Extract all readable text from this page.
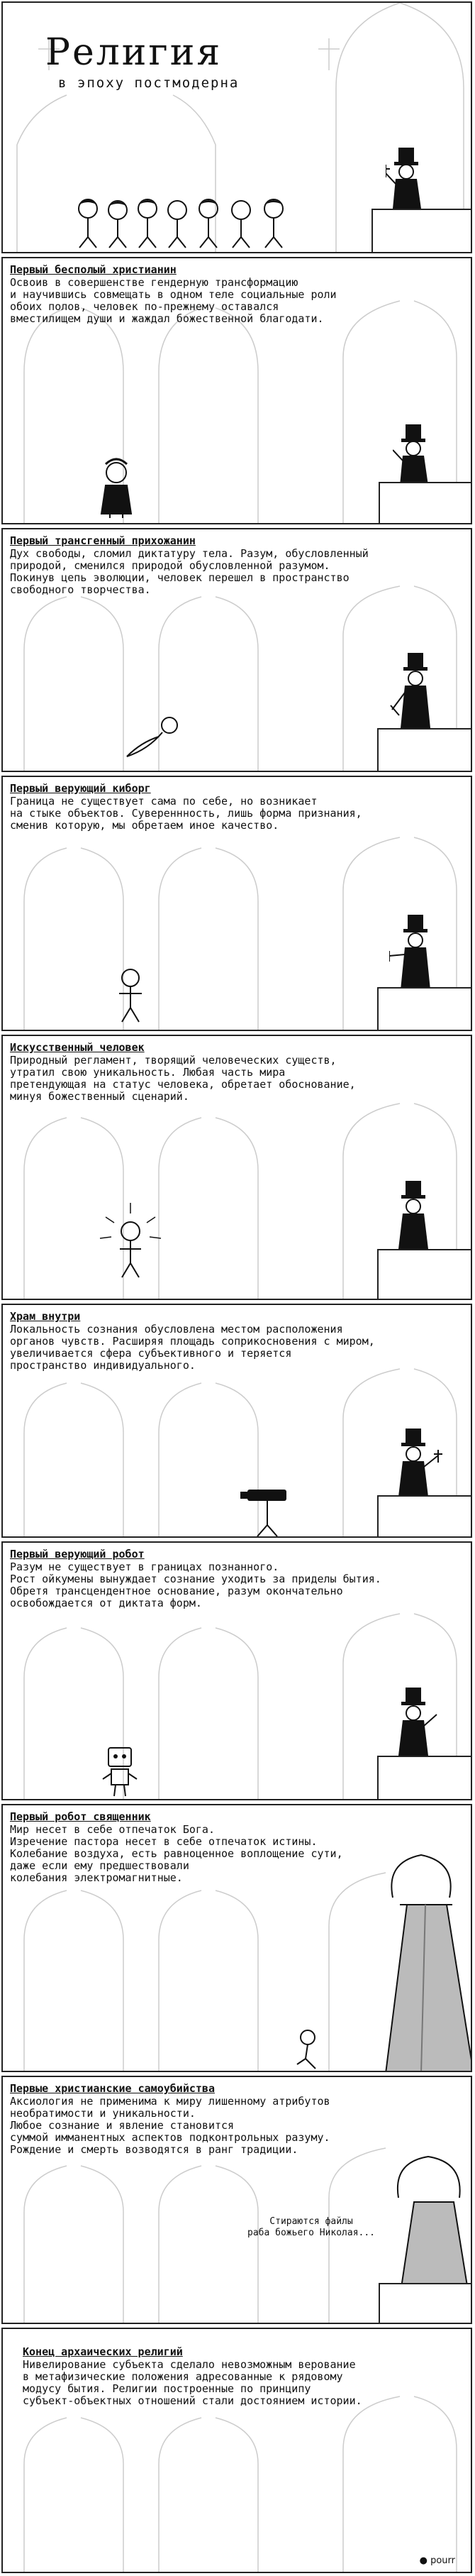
Религия
в эпоху постмодерна
Первый бесполый христианин
Освоив в совершенстве гендерную трансформацию
и научившись совмещать в одном теле социальные роли
обоих полов, человек по-прежнему оставался
вместилищем души и жаждал божественной благодати.
Первый трансгенный прихожанин
Дух свободы, сломил диктатуру тела. Разум, обусловленный
природой, сменился природой обусловленной разумом.
Покинув цепь эволюции, человек перешел в пространство
свободного творчества.
Первый верующий киборг
Граница не существует сама по себе, но возникает
на стыке объектов. Сувереннность, лишь форма признания,
сменив которую, мы обретаем иное качество.
Искусственный человек
Природный регламент, творящий человеческих существ,
утратил свою уникальность. Любая часть мира
претендующая на статус человека, обретает обоснование,
минуя божественный сценарий.
Храм внутри
Локальность сознания обусловлена местом расположения
органов чувств. Расширяя площадь соприкосновения с миром,
увеличивается сфера субъективного и теряется
пространство индивидуального.
Первый верующий робот
Разум не существует в границах познанного.
Рост ойкумены вынуждает сознание уходить за приделы бытия.
Обретя трансцендентное основание, разум окончательно
освобождается от диктата форм.
Первый робот священник
Мир несет в себе отпечаток Бога.
Изречение пастора несет в себе отпечаток истины.
Колебание воздуха, есть равноценное воплощение сути,
даже если ему предшествовали
колебания электромагнитные.
Первые христианские самоубийства
Аксиология не применима к миру лишенному атрибутов
необратимости и уникальности.
Любое сознание и явление становится
суммой имманентных аспектов подконтрольных разуму.
Рождение и смерть возводятся в ранг традиции.
Стираются файлы
раба божьего Николая...
Конец архаических религий
Нивелирование субъекта сделало невозможным верование
в метафизические положения адресованные к рядовому
модусу бытия. Религии построенные по принципу
субъект-объектных отношений стали достоянием истории.
● pourr
